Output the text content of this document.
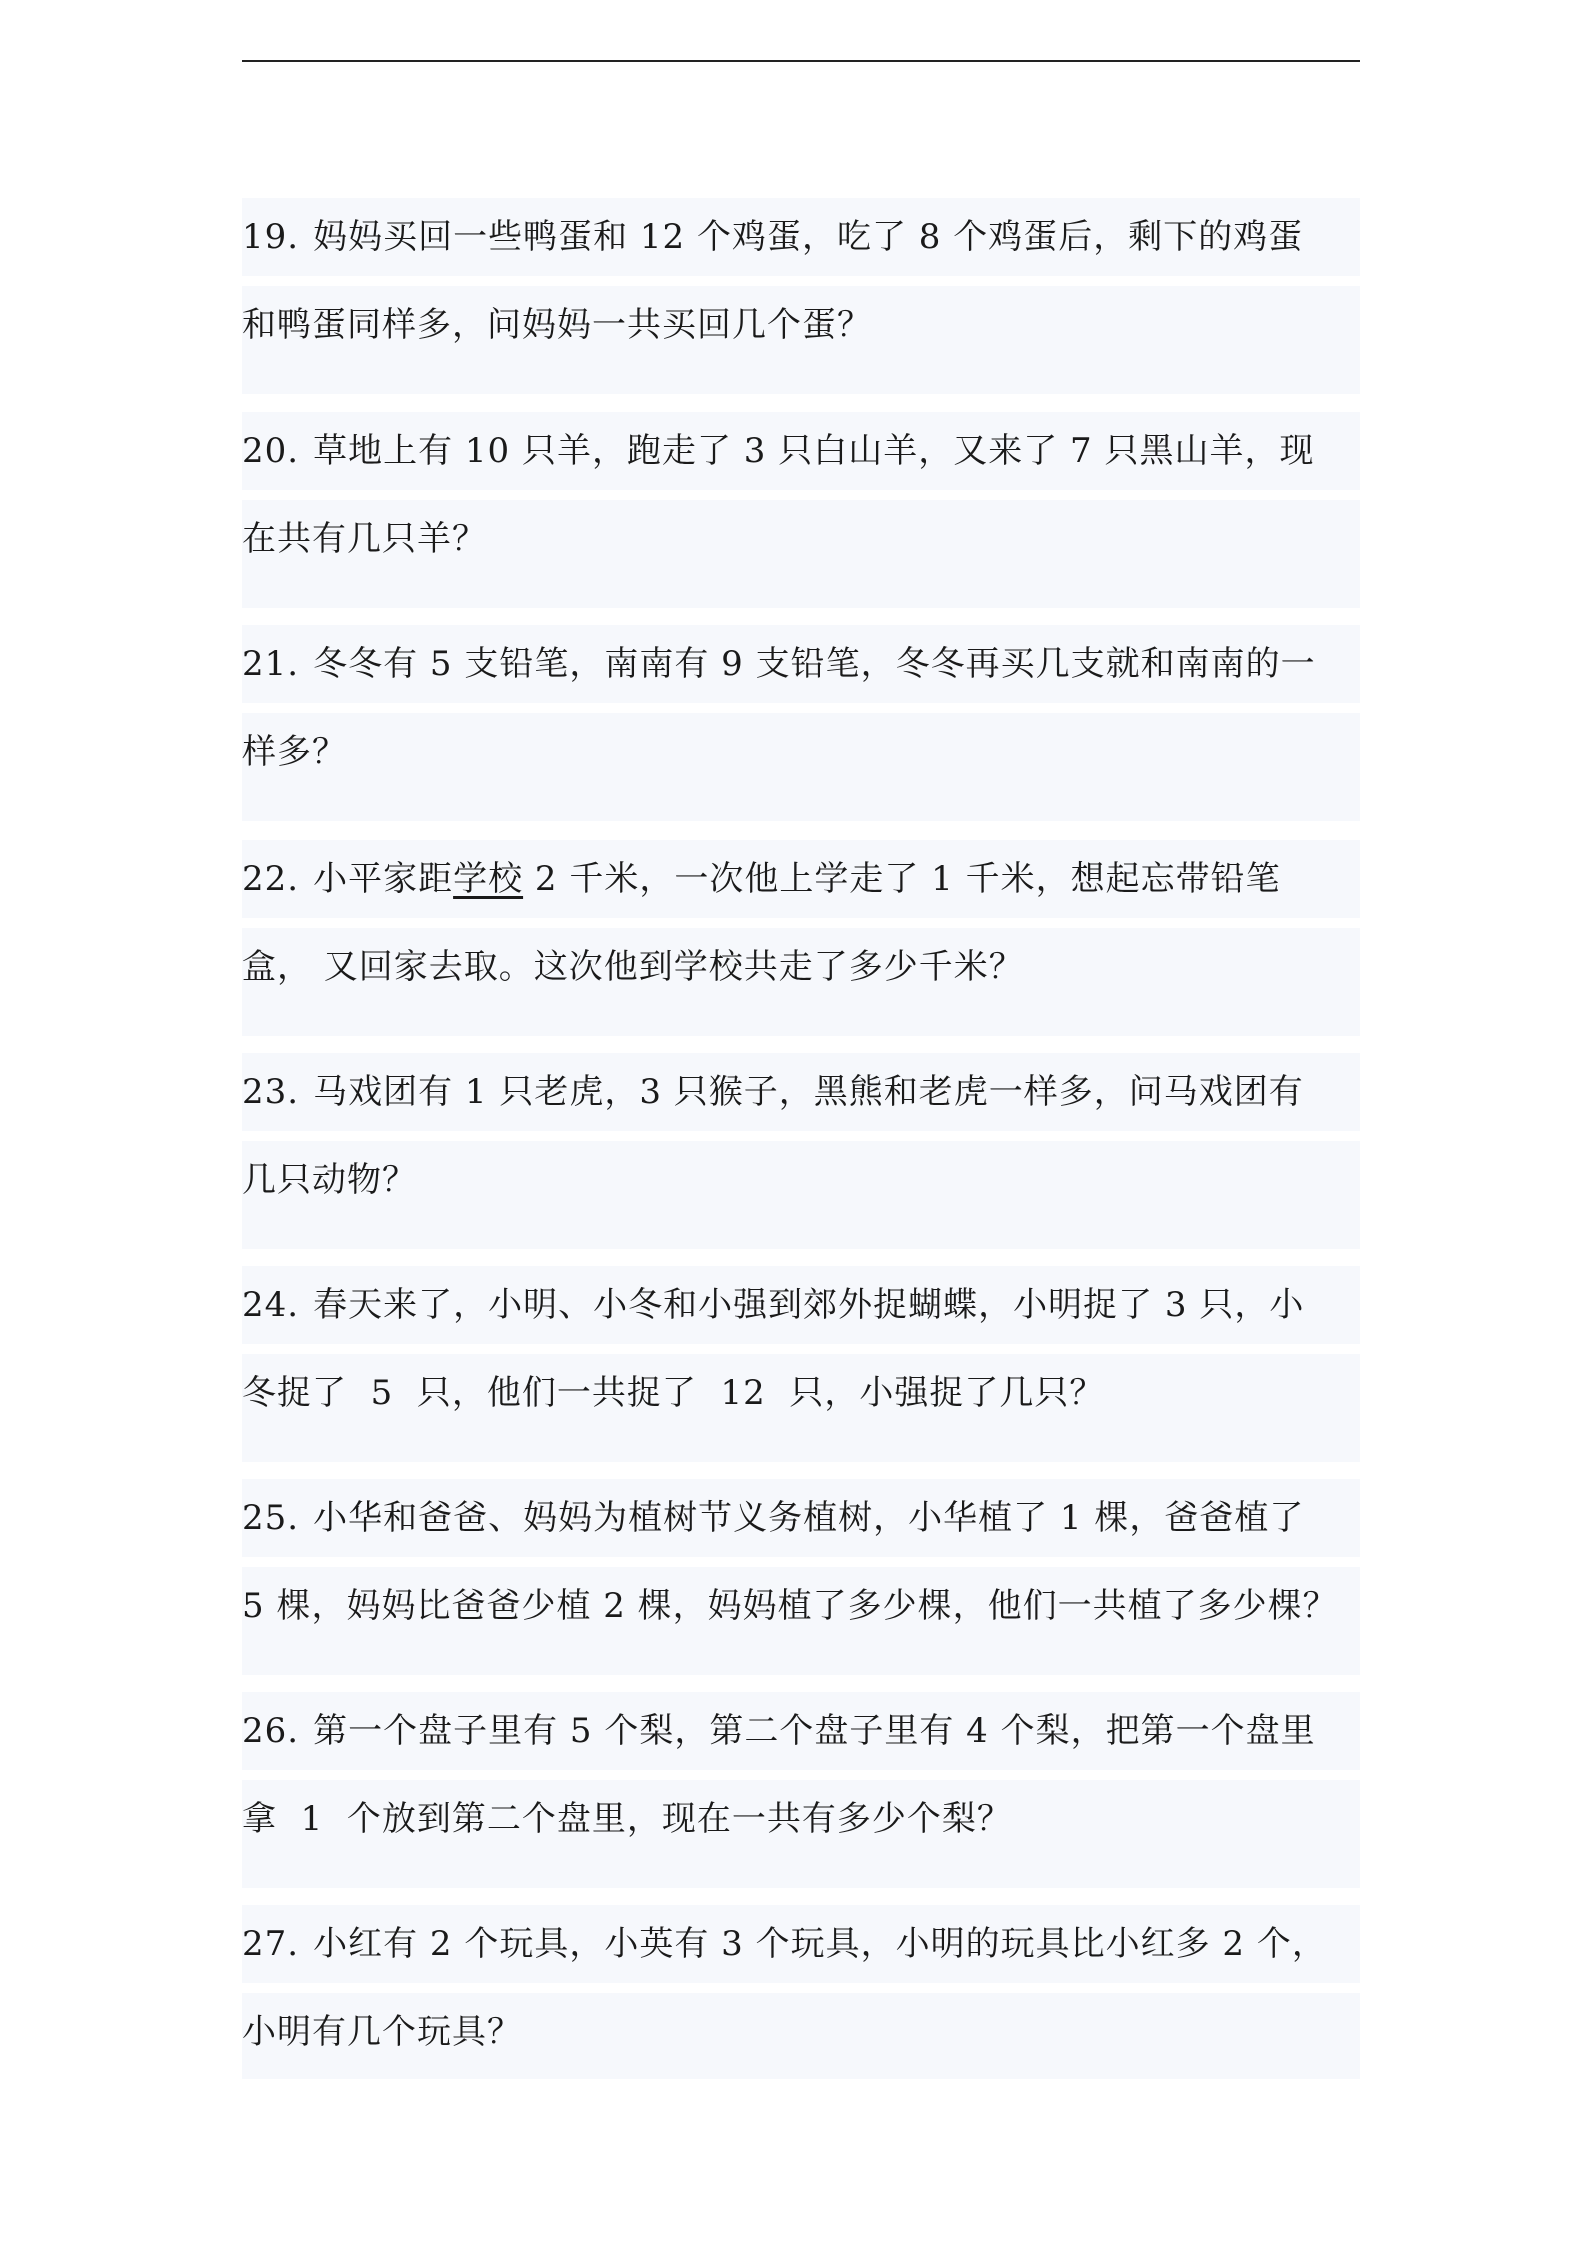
19. 妈妈买回一些鸭蛋和 12 个鸡蛋，吃了 8 个鸡蛋后，剩下的鸡蛋
和鸭蛋同样多，问妈妈一共买回几个蛋？
20. 草地上有 10 只羊，跑走了 3 只白山羊，又来了 7 只黑山羊，现
在共有几只羊？
21. 冬冬有 5 支铅笔，南南有 9 支铅笔，冬冬再买几支就和南南的一
样多？
22. 小平家距学校 2 千米，一次他上学走了 1 千米，想起忘带铅笔
盒， 又回家去取。这次他到学校共走了多少千米？
23. 马戏团有 1 只老虎，3 只猴子，黑熊和老虎一样多，问马戏团有
几只动物？
24. 春天来了，小明、小冬和小强到郊外捉蝴蝶，小明捉了 3 只，小
冬捉了  5  只，他们一共捉了  12  只，小强捉了几只？
25. 小华和爸爸、妈妈为植树节义务植树，小华植了 1 棵，爸爸植了
5 棵，妈妈比爸爸少植 2 棵，妈妈植了多少棵，他们一共植了多少棵？
26. 第一个盘子里有 5 个梨，第二个盘子里有 4 个梨，把第一个盘里
拿  1  个放到第二个盘里，现在一共有多少个梨？
27. 小红有 2 个玩具，小英有 3 个玩具，小明的玩具比小红多 2 个，
小明有几个玩具？
